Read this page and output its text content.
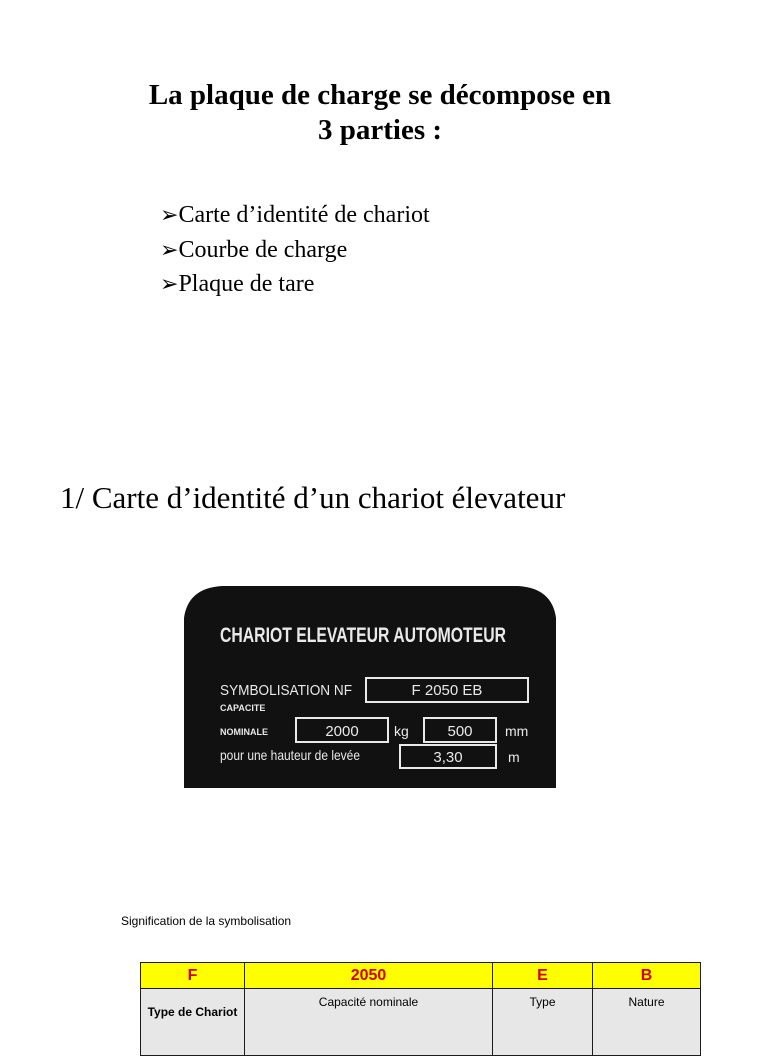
La plaque de charge se décompose en
3 parties :
➢Carte d’identité de chariot
➢Courbe de charge
➢Plaque de tare
1/ Carte d’identité d’un chariot élevateur
CHARIOT ELEVATEUR AUTOMOTEUR
SYMBOLISATION NF	F 2050 EB
CAPACITE
NOMINALE	2000	kg	500 mm
pour une hauteur de levée	3,30	m
Signification de la symbolisation
F	2050	E	B
Type de Chariot	Capacité nominale	Type	Nature
